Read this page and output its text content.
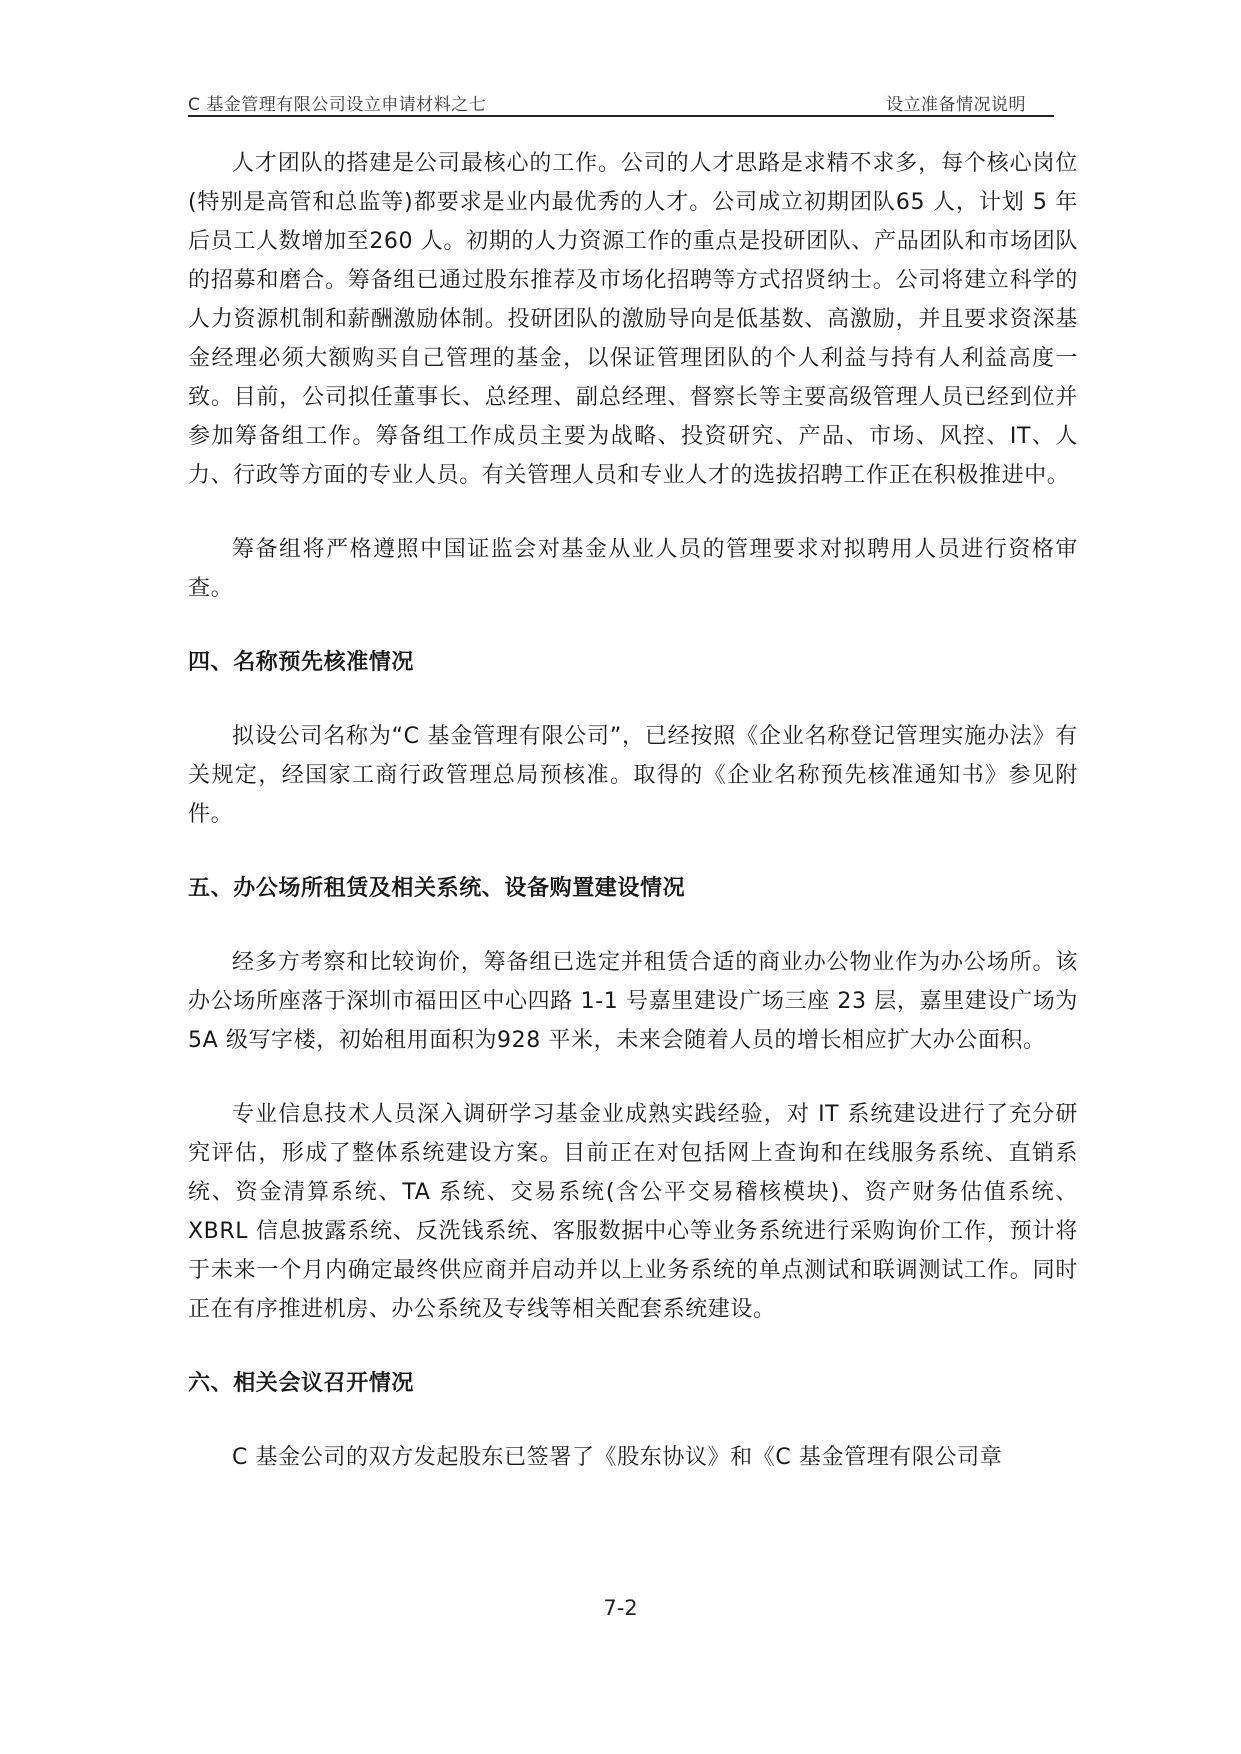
C 基金管理有限公司设立申请材料之七	设立准备情况说明

人才团队的搭建是公司最核心的工作。公司的人才思路是求精不求多，每个核心岗位(特别是高管和总监等)都要求是业内最优秀的人才。公司成立初期团队65 人，计划 5 年后员工人数增加至260 人。初期的人力资源工作的重点是投研团队、产品团队和市场团队的招募和磨合。筹备组已通过股东推荐及市场化招聘等方式招贤纳士。公司将建立科学的人力资源机制和薪酬激励体制。投研团队的激励导向是低基数、高激励，并且要求资深基金经理必须大额购买自己管理的基金，以保证管理团队的个人利益与持有人利益高度一致。目前，公司拟任董事长、总经理、副总经理、督察长等主要高级管理人员已经到位并参加筹备组工作。筹备组工作成员主要为战略、投资研究、产品、市场、风控、IT、人力、行政等方面的专业人员。有关管理人员和专业人才的选拔招聘工作正在积极推进中。

筹备组将严格遵照中国证监会对基金从业人员的管理要求对拟聘用人员进行资格审查。

四、名称预先核准情况

拟设公司名称为“C 基金管理有限公司”，已经按照《企业名称登记管理实施办法》有关规定，经国家工商行政管理总局预核准。取得的《企业名称预先核准通知书》参见附件。

五、办公场所租赁及相关系统、设备购置建设情况

经多方考察和比较询价，筹备组已选定并租赁合适的商业办公物业作为办公场所。该办公场所座落于深圳市福田区中心四路 1-1 号嘉里建设广场三座 23 层，嘉里建设广场为5A 级写字楼，初始租用面积为928 平米，未来会随着人员的增长相应扩大办公面积。

专业信息技术人员深入调研学习基金业成熟实践经验，对 IT 系统建设进行了充分研究评估，形成了整体系统建设方案。目前正在对包括网上查询和在线服务系统、直销系统、资金清算系统、TA 系统、交易系统(含公平交易稽核模块)、资产财务估值系统、XBRL 信息披露系统、反洗钱系统、客服数据中心等业务系统进行采购询价工作，预计将于未来一个月内确定最终供应商并启动并以上业务系统的单点测试和联调测试工作。同时正在有序推进机房、办公系统及专线等相关配套系统建设。

六、相关会议召开情况

C 基金公司的双方发起股东已签署了《股东协议》和《C 基金管理有限公司章

7-2
